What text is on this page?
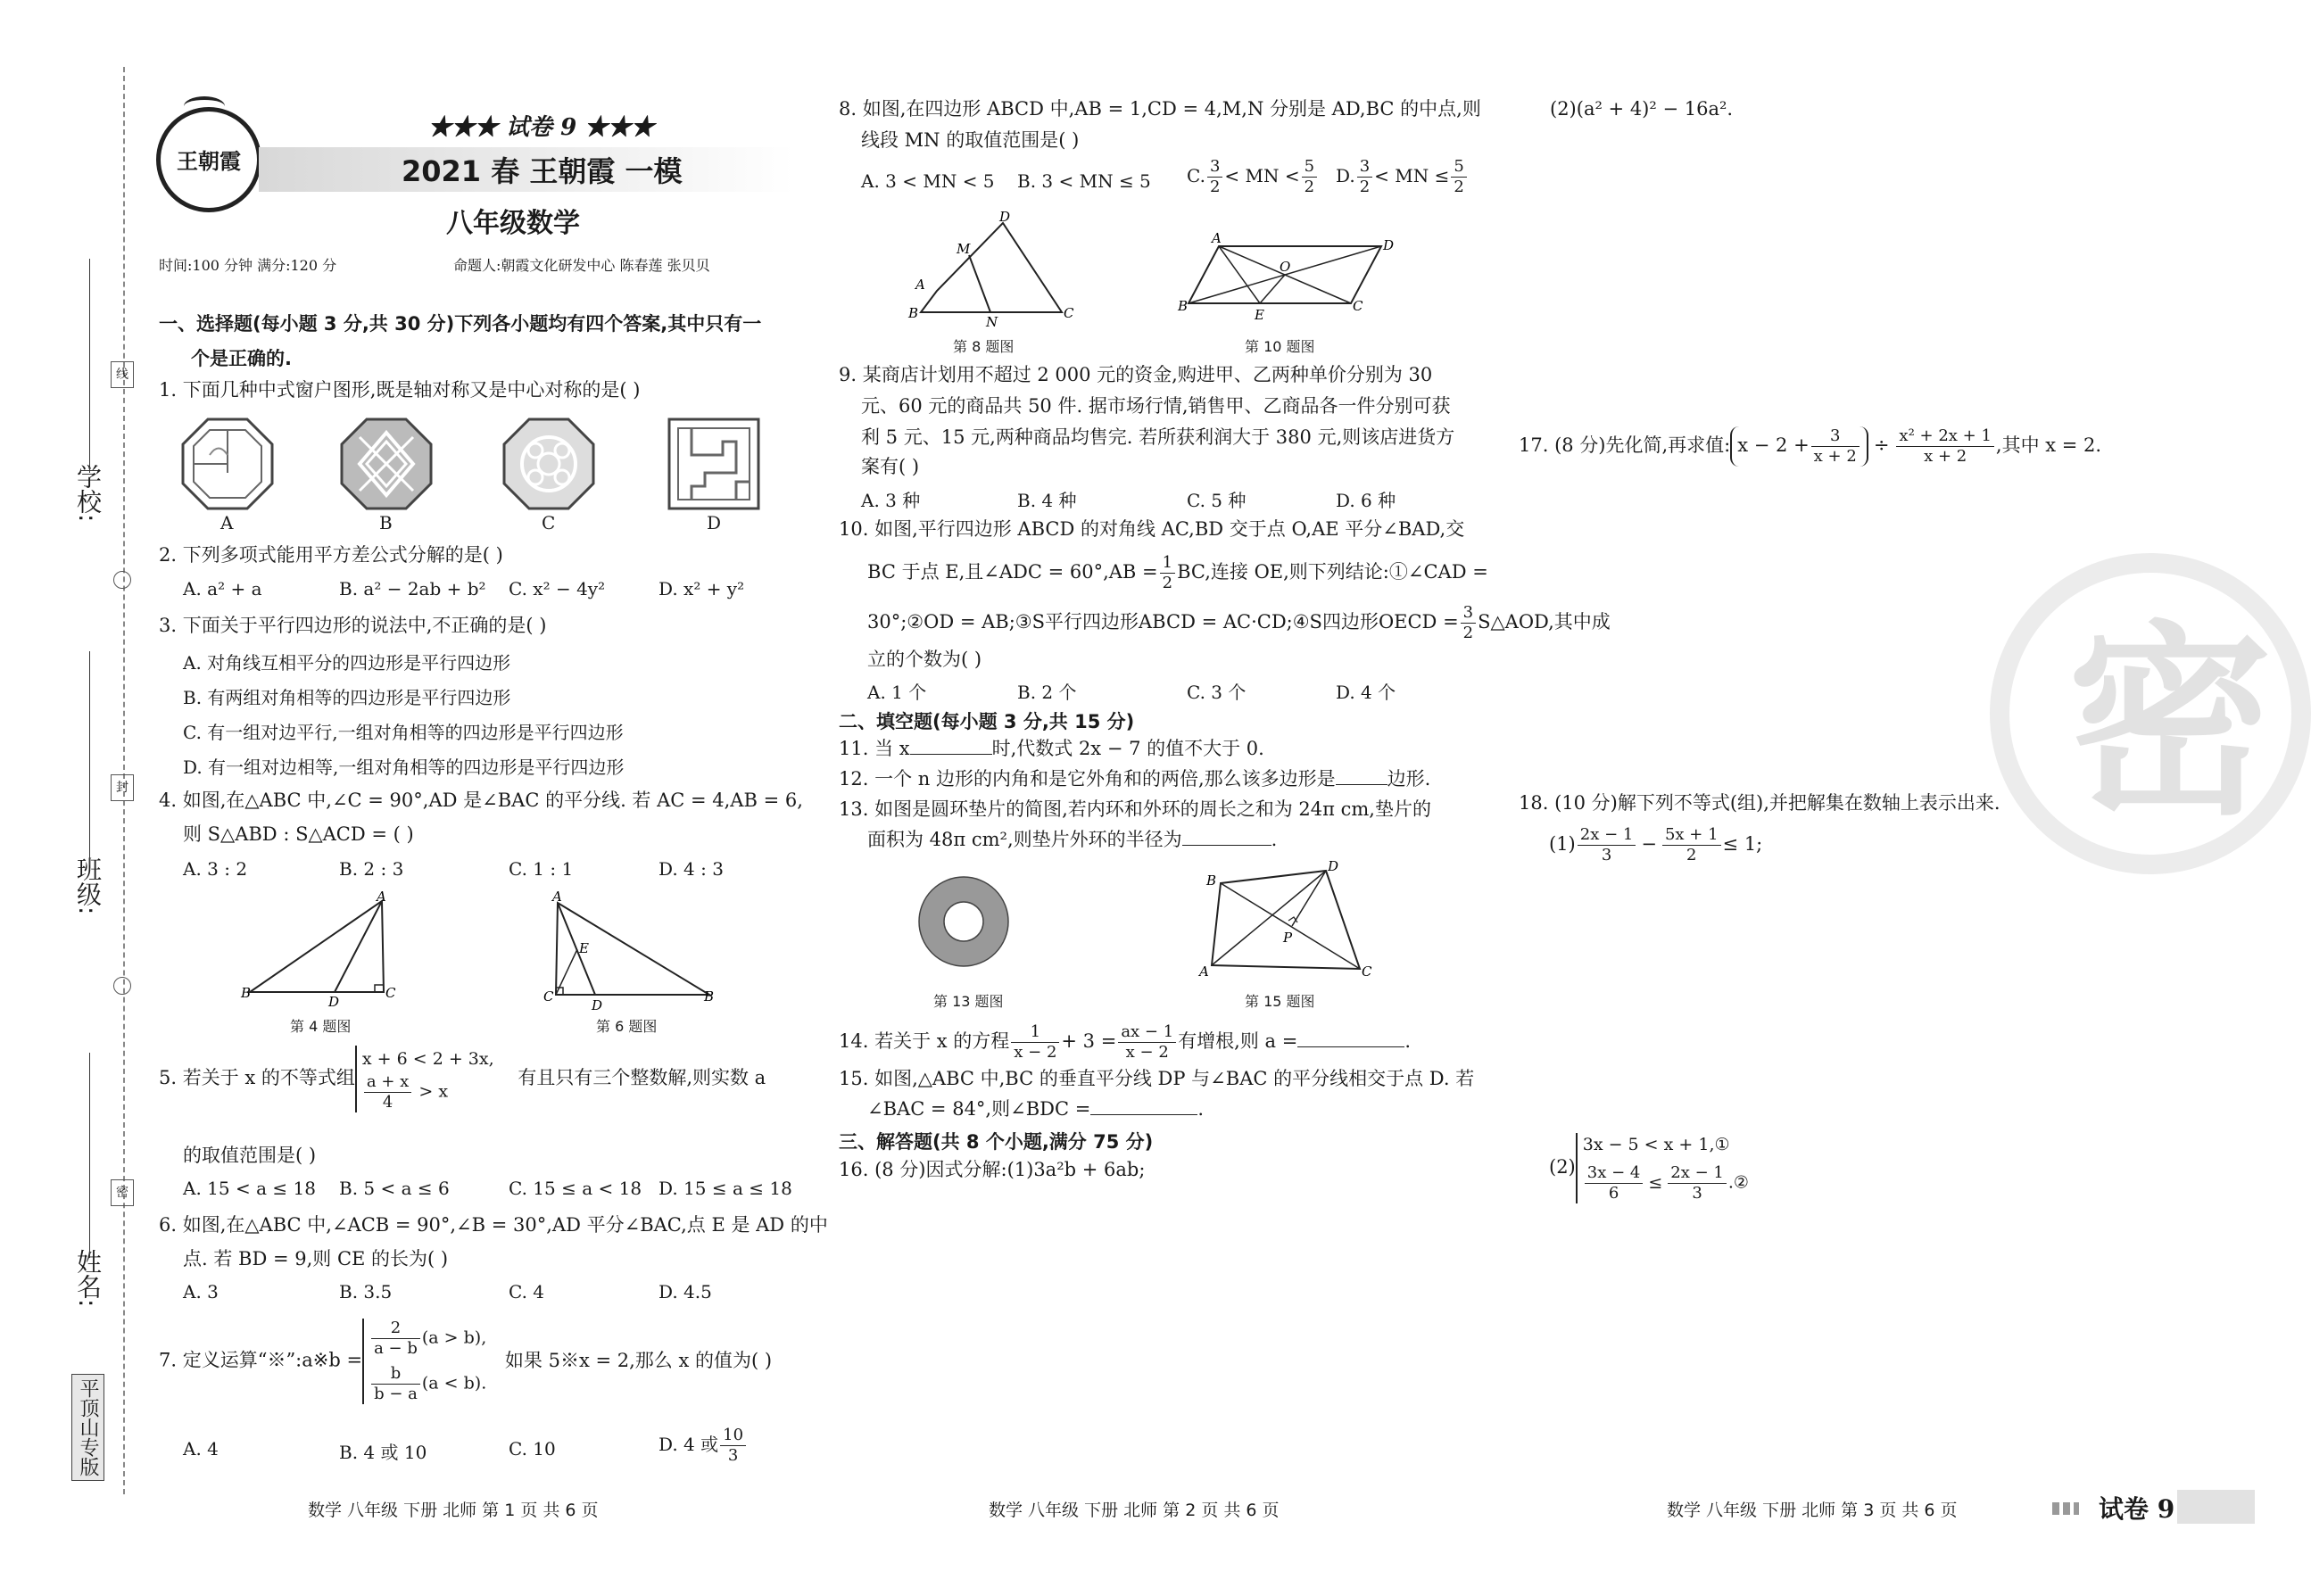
学校:
班级:
姓名:
线
封
密
平顶山专版
王朝霞
★★★ 试卷 9 ★★★
2021 春 王朝霞 一模
八年级数学
时间:100 分钟 满分:120 分	命题人:朝霞文化研发中心 陈春莲 张贝贝
一、选择题(每小题 3 分,共 30 分)下列各小题均有四个答案,其中只有一
个是正确的.
1. 下面几种中式窗户图形,既是轴对称又是中心对称的是( )
A	B	C	D
2. 下列多项式能用平方差公式分解的是( )
A. a² + a	B. a² − 2ab + b² C. x² − 4y²	D. x² + y²
3. 下面关于平行四边形的说法中,不正确的是( )
A. 对角线互相平分的四边形是平行四边形
B. 有两组对角相等的四边形是平行四边形
C. 有一组对边平行,一组对角相等的四边形是平行四边形
D. 有一组对边相等,一组对角相等的四边形是平行四边形
4. 如图,在△ABC 中,∠C = 90°,AD 是∠BAC 的平分线. 若 AC = 4,AB = 6,
则 S△ABD : S△ACD = ( )
A. 3 : 2	B. 2 : 3	C. 1 : 1	D. 4 : 3
B	C
A
D
A
E
C
D
B
第 4 题图	第 6 题图
5. 若关于 x 的不等式组
x + 6 < 2 + 3x,
$\frac{a + x}{4} > x$
有且只有三个整数解,则实数 a
的取值范围是( )
A. 15 < a ≤ 18 B. 5 < a ≤ 6	C. 15 ≤ a < 18 D. 15 ≤ a ≤ 18
6. 如图,在△ABC 中,∠ACB = 90°,∠B = 30°,AD 平分∠BAC,点 E 是 AD 的中
点. 若 BD = 9,则 CE 的长为( )
A. 3	B. 3.5	C. 4	D. 4.5
7. 定义运算“※”:a※b =
$\frac{2}{a - b} (a > b)$,
$\frac{b}{b - a} (a < b)$.
如果 5※x = 2,那么 x 的值为( )
A. 4	B. 4 或 10	C. 10	D. 4 或 $\frac{10}{3}$
8. 如图,在四边形 ABCD 中,AB = 1,CD = 4,M,N 分别是 AD,BC 的中点,则
线段 MN 的取值范围是( )
A. 3 < MN < 5 B. 3 < MN ≤ 5 C. $\frac{3}{2}$ < MN < $\frac{5}{2} D$. $\frac{3}{2}$ < MN ≤ $\frac{5}{2}$
D
M
A
B
N
C
A
O
D
B
E
C
第 8 题图	第 10 题图
9. 某商店计划用不超过 2 000 元的资金,购进甲、乙两种单价分别为 30
元、60 元的商品共 50 件. 据市场行情,销售甲、乙商品各一件分别可获
利 5 元、15 元,两种商品均售完. 若所获利润大于 380 元,则该店进货方
案有( )
A. 3 种	B. 4 种	C. 5 种	D. 6 种
10. 如图,平行四边形 ABCD 的对角线 AC,BD 交于点 O,AE 平分∠BAD,交
BC 于点 E,且∠ADC = $60^\circ,AB = \frac{1}{2}$ BC,连接 OE,则下列结论:①∠CAD =
30°;②OD = AB;③S平行四边形ABCD = AC·CD;④S四边形OECD = $\frac{3}{2}$ S△AOD,其中成
立的个数为( )
A. 1 个	B. 2 个	C. 3 个	D. 4 个
二、填空题(每小题 3 分,共 15 分)
11. 当 x	时,代数式 2x − 7 的值不大于 0.
12. 一个 n 边形的内角和是它外角和的两倍,那么该多边形是	边形.
13. 如图是圆环垫片的简图,若内环和外环的周长之和为 24π cm,垫片的
面积为 48π cm²,则垫片外环的半径为	.
B
D
P
A	C
第 13 题图	第 15 题图
14. 若关于 x 的方程 $\frac{1}{x - 2} + 3 = \frac{ax - 1}{x - 2}$ 有增根,则 a =	.
15. 如图,△ABC 中,BC 的垂直平分线 DP 与∠BAC 的平分线相交于点 D. 若
∠BAC = 84°,则∠BDC =	.
三、解答题(共 8 个小题,满分 75 分)
16. (8 分)因式分解:(1)3a²b + 6ab;
(2)(a² + 4)² − 16a².
17. (8 分)先化简,再求值: $x - 2 + \frac{3}{x + 2} \div \frac{\text{x² + 2x + 1}}{x + 2}$ ,其中 x = 2.
18. (10 分)解下列不等式(组),并把解集在数轴上表示出来.
$(1) \frac{2x - 1}{3} - \frac{5x + 1}{2} \le 1$;
(2)
3x − 5 < x + 1,①
$\frac{3x - 4}{6} \le \frac{2x - 1}{3}$ .②
密
数学 八年级 下册 北师 第 1 页 共 6 页	数学 八年级 下册 北师 第 2 页 共 6 页	数学 八年级 下册 北师 第 3 页 共 6 页	试卷 9
